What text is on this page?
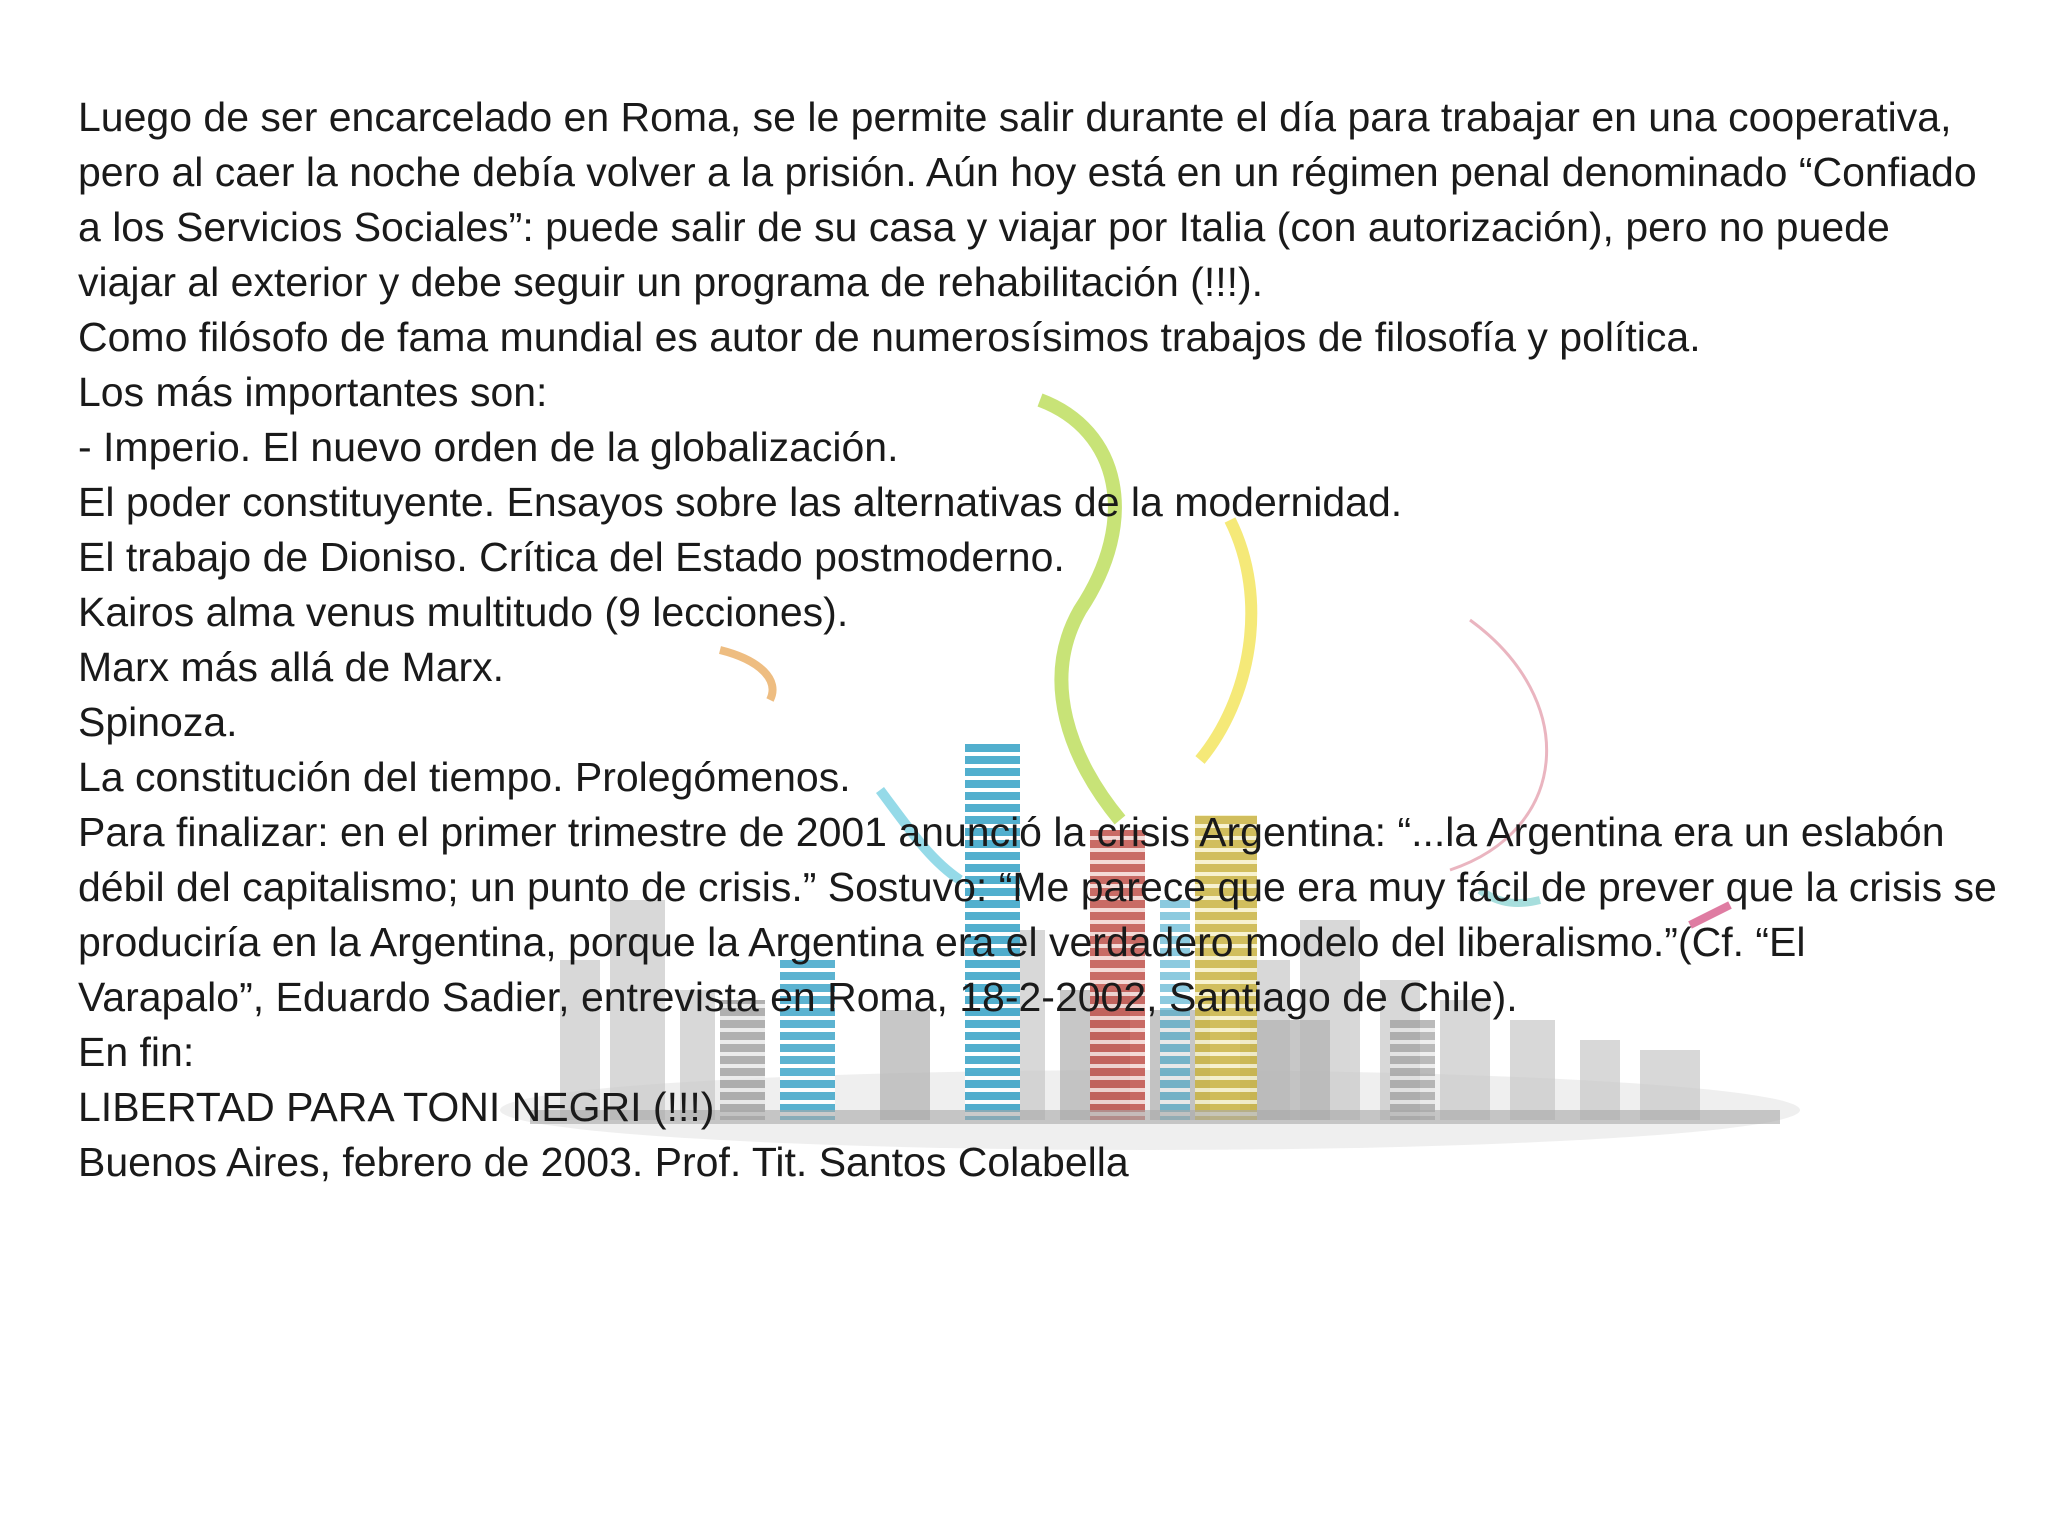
Luego de ser encarcelado en Roma, se le permite salir durante el día para trabajar en una cooperativa, pero al caer la noche debía volver a la prisión. Aún hoy está en un régimen penal denominado “Confiado a los Servicios Sociales”: puede salir de su casa y viajar por Italia (con autorización), pero no puede viajar al exterior y debe seguir un programa de rehabilitación (!!!).

Como filósofo de fama mundial es autor de numerosísimos trabajos de filosofía y política.

Los más importantes son:

- Imperio. El nuevo orden de la globalización.

El poder constituyente. Ensayos sobre las alternativas de la modernidad.

El trabajo de Dioniso. Crítica del Estado postmoderno.

Kairos alma venus multitudo (9 lecciones).

Marx más allá de Marx.

Spinoza.

La constitución del tiempo. Prolegómenos.

Para finalizar: en el primer trimestre de 2001 anunció la crisis Argentina: “...la Argentina era un eslabón débil del capitalismo; un punto de crisis.” Sostuvo: “Me parece que era muy fácil de prever que la crisis se produciría en la Argentina, porque la Argentina era el verdadero modelo del liberalismo.”(Cf. “El Varapalo”, Eduardo Sadier, entrevista en Roma, 18-2-2002, Santiago de Chile).

En fin:

LIBERTAD PARA TONI NEGRI (!!!)

Buenos Aires, febrero de 2003. Prof. Tit. Santos Colabella
